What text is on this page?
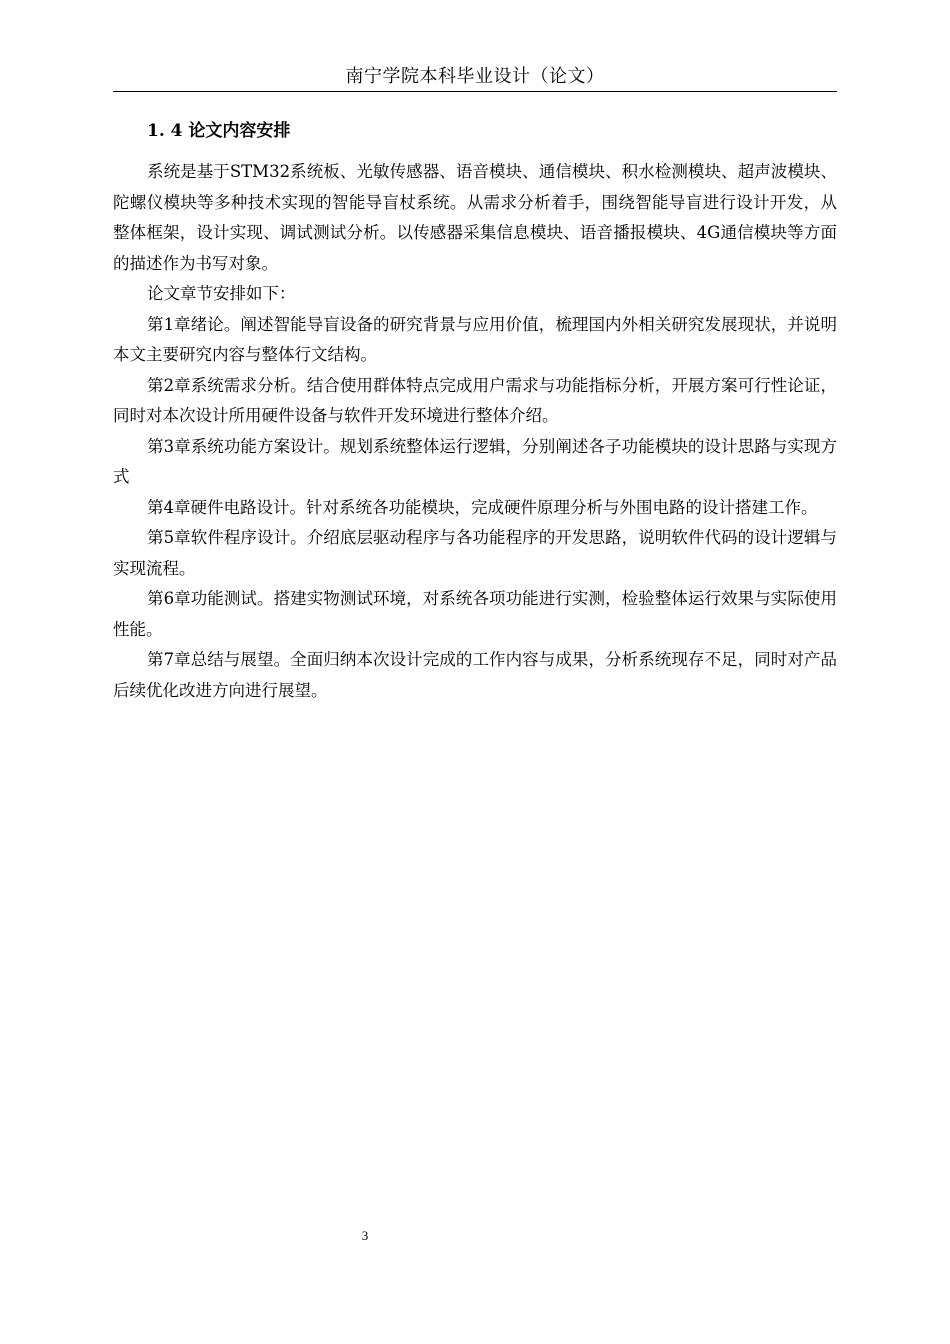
南宁学院本科毕业设计（论文）
1. 4 论文内容安排

系统是基于STM32系统板、光敏传感器、语音模块、通信模块、积水检测模块、超声波模块、陀螺仪模块等多种技术实现的智能导盲杖系统。从需求分析着手，围绕智能导盲进行设计开发，从整体框架，设计实现、调试测试分析。以传感器采集信息模块、语音播报模块、4G通信模块等方面的描述作为书写对象。

论文章节安排如下：

第1章绪论。阐述智能导盲设备的研究背景与应用价值，梳理国内外相关研究发展现状，并说明本文主要研究内容与整体行文结构。

第2章系统需求分析。结合使用群体特点完成用户需求与功能指标分析，开展方案可行性论证，同时对本次设计所用硬件设备与软件开发环境进行整体介绍。

第3章系统功能方案设计。规划系统整体运行逻辑，分别阐述各子功能模块的设计思路与实现方式

第4章硬件电路设计。针对系统各功能模块，完成硬件原理分析与外围电路的设计搭建工作。

第5章软件程序设计。介绍底层驱动程序与各功能程序的开发思路，说明软件代码的设计逻辑与实现流程。

第6章功能测试。搭建实物测试环境，对系统各项功能进行实测，检验整体运行效果与实际使用性能。

第7章总结与展望。全面归纳本次设计完成的工作内容与成果，分析系统现存不足，同时对产品后续优化改进方向进行展望。

3
